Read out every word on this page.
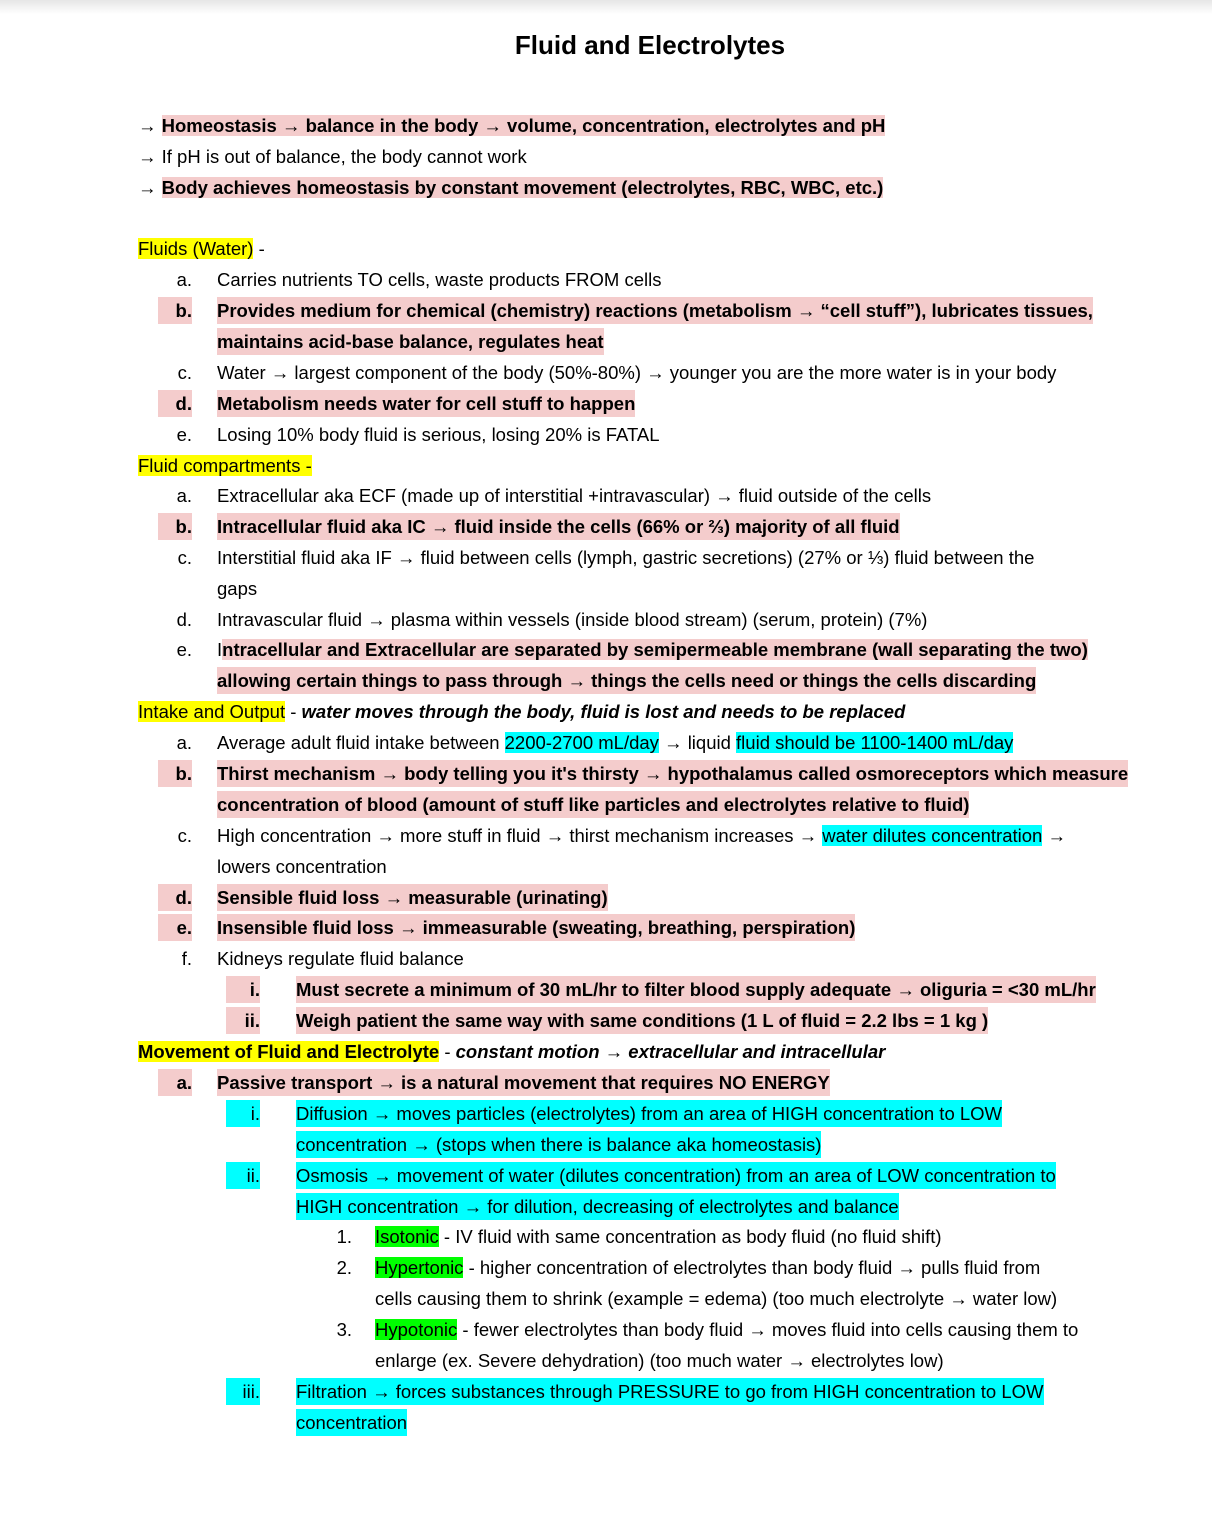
Fluid and Electrolytes
→ Homeostasis → balance in the body → volume, concentration, electrolytes and pH
→ If pH is out of balance, the body cannot work
→ Body achieves homeostasis by constant movement (electrolytes, RBC, WBC, etc.)
Fluids (Water) -
a. Carries nutrients TO cells, waste products FROM cells
b. Provides medium for chemical (chemistry) reactions (metabolism → “cell stuff”), lubricates tissues,
maintains acid-base balance, regulates heat
c. Water → largest component of the body (50%-80%) → younger you are the more water is in your body
d. Metabolism needs water for cell stuff to happen
e. Losing 10% body fluid is serious, losing 20% is FATAL
Fluid compartments -
a. Extracellular aka ECF (made up of interstitial +intravascular) → fluid outside of the cells
b. Intracellular fluid aka IC → fluid inside the cells (66% or ⅔) majority of all fluid
c. Interstitial fluid aka IF → fluid between cells (lymph, gastric secretions) (27% or ⅓) fluid between the
gaps
d. Intravascular fluid → plasma within vessels (inside blood stream) (serum, protein) (7%)
e. Intracellular and Extracellular are separated by semipermeable membrane (wall separating the two)
allowing certain things to pass through → things the cells need or things the cells discarding
Intake and Output - water moves through the body, fluid is lost and needs to be replaced
a. Average adult fluid intake between 2200-2700 mL/day → liquid fluid should be 1100-1400 mL/day
b. Thirst mechanism → body telling you it's thirsty → hypothalamus called osmoreceptors which measure
concentration of blood (amount of stuff like particles and electrolytes relative to fluid)
c. High concentration → more stuff in fluid → thirst mechanism increases → water dilutes concentration →
lowers concentration
d. Sensible fluid loss → measurable (urinating)
e. Insensible fluid loss → immeasurable (sweating, breathing, perspiration)
f. Kidneys regulate fluid balance
i. Must secrete a minimum of 30 mL/hr to filter blood supply adequate → oliguria = <30 mL/hr
ii. Weigh patient the same way with same conditions (1 L of fluid = 2.2 lbs = 1 kg )
Movement of Fluid and Electrolyte - constant motion → extracellular and intracellular
a. Passive transport → is a natural movement that requires NO ENERGY
i. Diffusion → moves particles (electrolytes) from an area of HIGH concentration to LOW
concentration → (stops when there is balance aka homeostasis)
ii. Osmosis → movement of water (dilutes concentration) from an area of LOW concentration to
HIGH concentration → for dilution, decreasing of electrolytes and balance
1. Isotonic - IV fluid with same concentration as body fluid (no fluid shift)
2. Hypertonic - higher concentration of electrolytes than body fluid → pulls fluid from
cells causing them to shrink (example = edema) (too much electrolyte → water low)
3. Hypotonic - fewer electrolytes than body fluid → moves fluid into cells causing them to
enlarge (ex. Severe dehydration) (too much water → electrolytes low)
iii. Filtration → forces substances through PRESSURE to go from HIGH concentration to LOW
concentration
